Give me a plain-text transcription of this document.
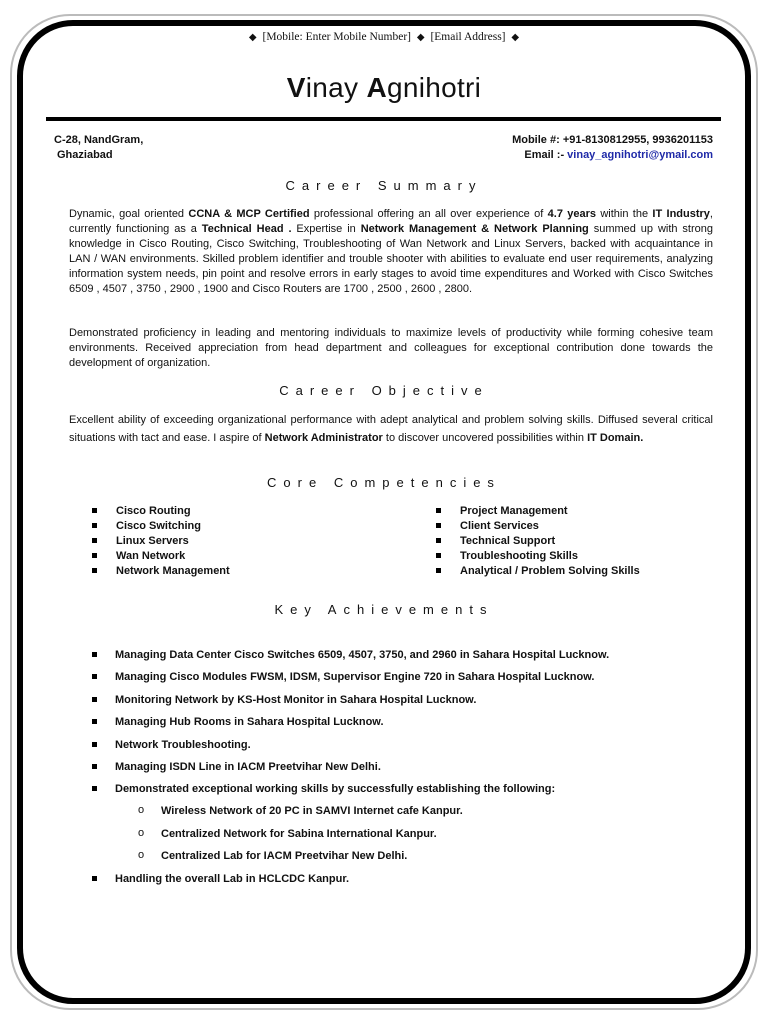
◆ [Mobile: Enter Mobile Number] ◆ [Email Address] ◆
Vinay Agnihotri
C-28, NandGram,
Ghaziabad
Mobile #: +91-8130812955, 9936201153
Email :- vinay_agnihotri@ymail.com
Career Summary
Dynamic, goal oriented CCNA & MCP Certified professional offering an all over experience of 4.7 years within the IT Industry, currently functioning as a Technical Head . Expertise in Network Management & Network Planning summed up with strong knowledge in Cisco Routing, Cisco Switching, Troubleshooting of Wan Network and Linux Servers, backed with acquaintance in LAN / WAN environments. Skilled problem identifier and trouble shooter with abilities to evaluate end user requirements, analyzing information system needs, pin point and resolve errors in early stages to avoid time expenditures and Worked with Cisco Switches 6509 , 4507 , 3750 , 2900 , 1900 and Cisco Routers are 1700 , 2500 , 2600 , 2800.
Demonstrated proficiency in leading and mentoring individuals to maximize levels of productivity while forming cohesive team environments. Received appreciation from head department and colleagues for exceptional contribution done towards the development of organization.
Career Objective
Excellent ability of exceeding organizational performance with adept analytical and problem solving skills. Diffused several critical situations with tact and ease. I aspire of Network Administrator to discover uncovered possibilities within IT Domain.
Core Competencies
Cisco Routing
Cisco Switching
Linux Servers
Wan Network
Network Management
Project Management
Client Services
Technical Support
Troubleshooting Skills
Analytical / Problem Solving Skills
Key Achievements
Managing Data Center Cisco Switches 6509, 4507, 3750, and 2960 in Sahara Hospital Lucknow.
Managing Cisco Modules FWSM, IDSM, Supervisor Engine 720 in Sahara Hospital Lucknow.
Monitoring Network by KS-Host Monitor in Sahara Hospital Lucknow.
Managing Hub Rooms in Sahara Hospital Lucknow.
Network Troubleshooting.
Managing ISDN Line in IACM Preetvihar New Delhi.
Demonstrated exceptional working skills by successfully establishing the following:
o Wireless Network of 20 PC in SAMVI Internet cafe Kanpur.
o Centralized Network for Sabina International Kanpur.
o Centralized Lab for IACM Preetvihar New Delhi.
Handling the overall Lab in HCLCDC Kanpur.
